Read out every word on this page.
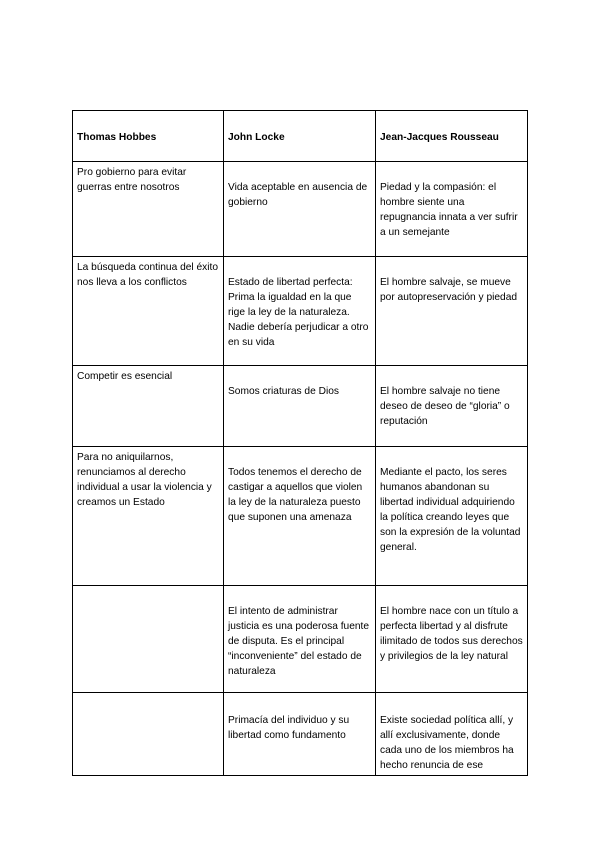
Thomas Hobbes	John Locke	Jean-Jacques Rousseau

Pro gobierno para evitar guerras entre nosotros	Vida aceptable en ausencia de gobierno	Piedad y la compasión: el hombre siente una repugnancia innata a ver sufrir a un semejante

La búsqueda continua del éxito nos lleva a los conflictos	Estado de libertad perfecta: Prima la igualdad en la que rige la ley de la naturaleza. Nadie debería perjudicar a otro en su vida	El hombre salvaje, se mueve por autopreservación y piedad

Competir es esencial	Somos criaturas de Dios	El hombre salvaje no tiene deseo de deseo de “gloria” o reputación

Para no aniquilarnos, renunciamos al derecho individual a usar la violencia y creamos un Estado	Todos tenemos el derecho de castigar a aquellos que violen la ley de la naturaleza puesto que suponen una amenaza	Mediante el pacto, los seres humanos abandonan su libertad individual adquiriendo la política creando leyes que son la expresión de la voluntad general.

	El intento de administrar justicia es una poderosa fuente de disputa. Es el principal “inconveniente” del estado de naturaleza	El hombre nace con un título a perfecta libertad y al disfrute ilimitado de todos sus derechos y privilegios de la ley natural

	Primacía del individuo y su libertad como fundamento	Existe sociedad política allí, y allí exclusivamente, donde cada uno de los miembros ha hecho renuncia de ese
